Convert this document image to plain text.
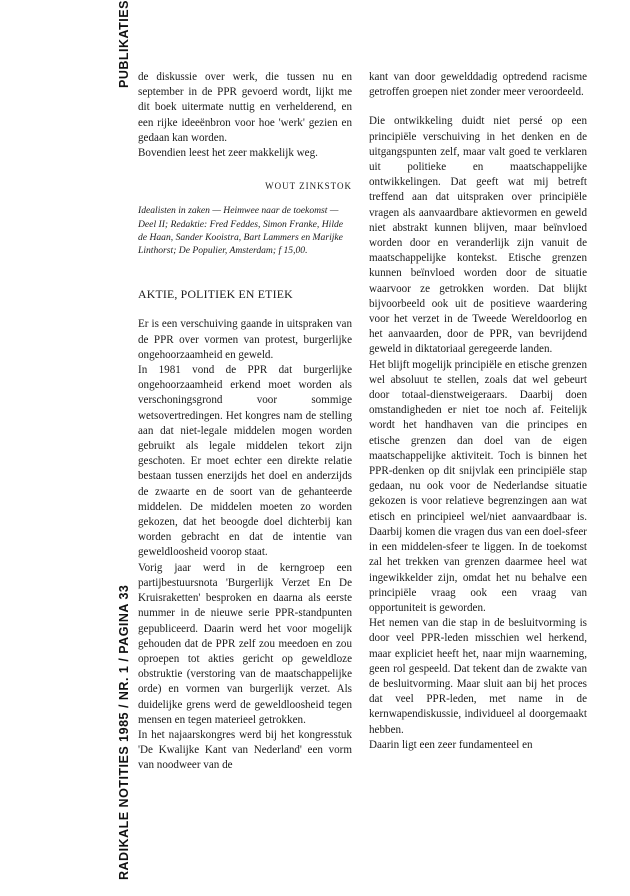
PUBLIKATIES
RADIKALE NOTITIES 1985 / NR. 1 / PAGINA 33

de diskussie over werk, die tussen nu en september in de PPR gevoerd wordt, lijkt me dit boek uitermate nuttig en verhelderend, en een rijke ideeënbron voor hoe 'werk' gezien en gedaan kan worden.

Bovendien leest het zeer makkelijk weg.

WOUT ZINKSTOK

Idealisten in zaken — Heimwee naar de toekomst — Deel II; Redaktie: Fred Feddes, Simon Franke, Hilde de Haan, Sander Kooistra, Bart Lammers en Marijke Linthorst; De Populier, Amsterdam; f 15,00.

AKTIE, POLITIEK EN ETIEK

Er is een verschuiving gaande in uitspraken van de PPR over vormen van protest, burgerlijke ongehoorzaamheid en geweld.

In 1981 vond de PPR dat burgerlijke ongehoorzaamheid erkend moet worden als verschoningsgrond voor sommige wetsovertredingen. Het kongres nam de stelling aan dat niet-legale middelen mogen worden gebruikt als legale middelen tekort zijn geschoten. Er moet echter een direkte relatie bestaan tussen enerzijds het doel en anderzijds de zwaarte en de soort van de gehanteerde middelen. De middelen moeten zo worden gekozen, dat het beoogde doel dichterbij kan worden gebracht en dat de intentie van geweldloosheid voorop staat.

Vorig jaar werd in de kerngroep een partijbestuursnota 'Burgerlijk Verzet En De Kruisraketten' besproken en daarna als eerste nummer in de nieuwe serie PPR-standpunten gepubliceerd. Daarin werd het voor mogelijk gehouden dat de PPR zelf zou meedoen en zou oproepen tot akties gericht op geweldloze obstruktie (verstoring van de maatschappelijke orde) en vormen van burgerlijk verzet. Als duidelijke grens werd de geweldloosheid tegen mensen en tegen materieel getrokken.

In het najaarskongres werd bij het kongresstuk 'De Kwalijke Kant van Nederland' een vorm van noodweer van de

kant van door gewelddadig optredend racisme getroffen groepen niet zonder meer veroordeeld.

Die ontwikkeling duidt niet persé op een principiële verschuiving in het denken en de uitgangspunten zelf, maar valt goed te verklaren uit politieke en maatschappelijke ontwikkelingen. Dat geeft wat mij betreft treffend aan dat uitspraken over principiële vragen als aanvaardbare aktievormen en geweld niet abstrakt kunnen blijven, maar beïnvloed worden door en veranderlijk zijn vanuit de maatschappelijke kontekst. Etische grenzen kunnen beïnvloed worden door de situatie waarvoor ze getrokken worden. Dat blijkt bijvoorbeeld ook uit de positieve waardering voor het verzet in de Tweede Wereldoorlog en het aanvaarden, door de PPR, van bevrijdend geweld in diktatoriaal geregeerde landen.

Het blijft mogelijk principiële en etische grenzen wel absoluut te stellen, zoals dat wel gebeurt door totaal-dienstweigeraars. Daarbij doen omstandigheden er niet toe noch af. Feitelijk wordt het handhaven van die principes en etische grenzen dan doel van de eigen maatschappelijke aktiviteit. Toch is binnen het PPR-denken op dit snijvlak een principiële stap gedaan, nu ook voor de Nederlandse situatie gekozen is voor relatieve begrenzingen aan wat etisch en principieel wel/niet aanvaardbaar is. Daarbij komen die vragen dus van een doel-sfeer in een middelen-sfeer te liggen. In de toekomst zal het trekken van grenzen daarmee heel wat ingewikkelder zijn, omdat het nu behalve een principiële vraag ook een vraag van opportuniteit is geworden.

Het nemen van die stap in de besluitvorming is door veel PPR-leden misschien wel herkend, maar expliciet heeft het, naar mijn waarneming, geen rol gespeeld. Dat tekent dan de zwakte van de besluitvorming. Maar sluit aan bij het proces dat veel PPR-leden, met name in de kernwapendiskussie, individueel al doorgemaakt hebben.

Daarin ligt een zeer fundamenteel en
